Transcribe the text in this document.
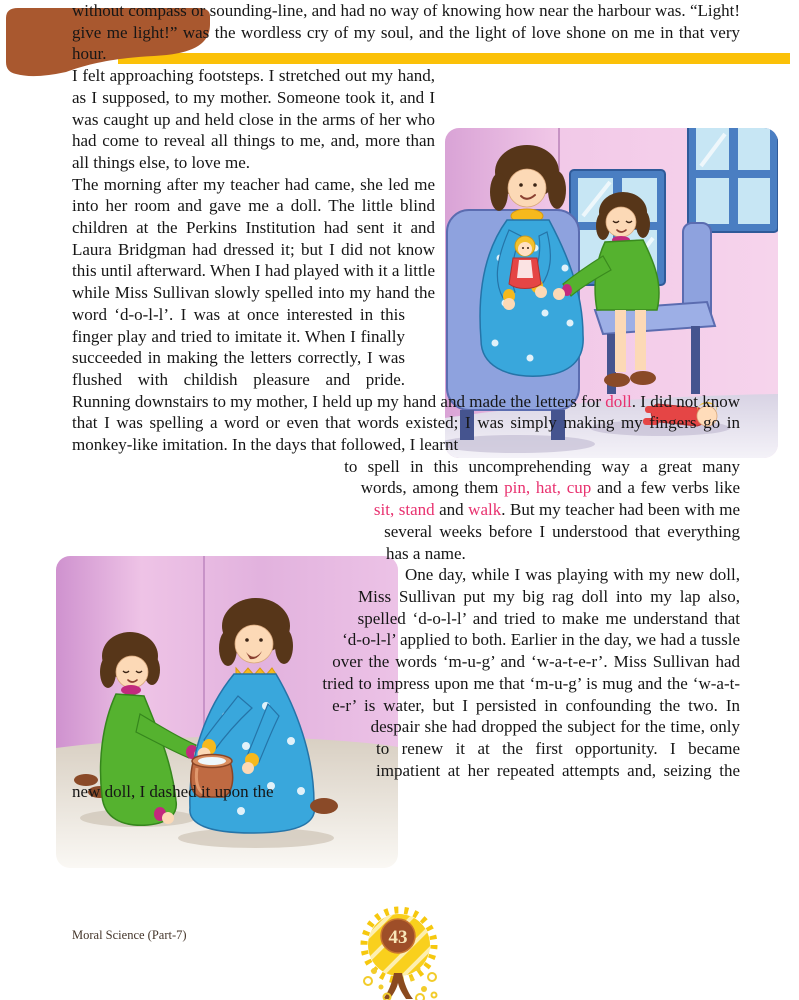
without compass or sounding-line, and had no way of knowing how near the harbour was. “Light! give me light!” was the wordless cry of my soul, and the light of love shone on me in that very hour.

I felt approaching footsteps. I stretched out my hand, as I supposed, to my mother. Someone took it, and I was caught up and held close in the arms of her who had come to reveal all things to me, and, more than all things else, to love me.

The morning after my teacher had came, she led me into her room and gave me a doll. The little blind children at the Perkins Institution had sent it and Laura Bridgman had dressed it; but I did not know this until afterward. When I had played with it a little while Miss Sullivan slowly spelled into my hand the word ‘d-o-l-l’. I was at once interested in this finger play and tried to imitate it. When I finally succeeded in making the letters correctly, I was flushed with childish pleasure and pride. Running downstairs to my mother, I held up my hand and made the letters for doll. I did not know that I was spelling a word or even that words existed; I was simply making my fingers go in monkey-like imitation. In the days that followed, I learnt

to spell in this uncomprehending way a great many words, among them pin, hat, cup and a few verbs like sit, stand and walk. But my teacher had been with me several weeks before I understood that everything has a name.

One day, while I was playing with my new doll, Miss Sullivan put my big rag doll into my lap also, spelled ‘d-o-l-l’ and tried to make me understand that ‘d-o-l-l’ applied to both. Earlier in the day, we had a tussle over the words ‘m-u-g’ and ‘w-a-t-e-r’. Miss Sullivan had tried to impress upon me that ‘m-u-g’ is mug and the ‘w-a-t-e-r’ is water, but I persisted in confounding the two. In despair she had dropped the subject for the time, only to renew it at the first opportunity. I became impatient at her repeated attempts and, seizing the new doll, I dashed it upon the

Moral Science (Part-7)	43
